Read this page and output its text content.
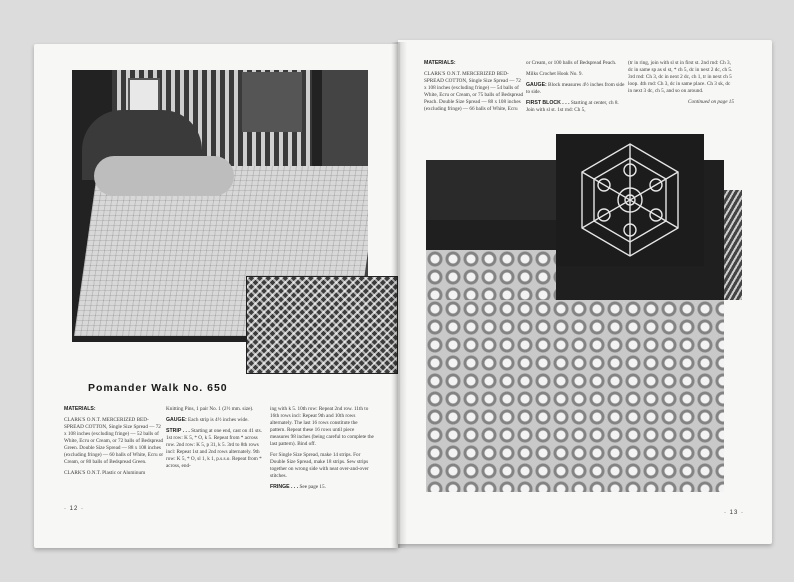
Pomander Walk No. 650

MATERIALS:

CLARK'S O.N.T. MERCERIZED BED-SPREAD COTTON, Single Size Spread — 72 x 108 inches (excluding fringe) — 52 balls of White, Ecru or Cream, or 72 balls of Bedspread Green. Double Size Spread — 88 x 108 inches (excluding fringe) — 60 balls of White, Ecru or Cream, or 80 balls of Bedspread Green.

CLARK'S O.N.T. Plastic or Aluminum

Knitting Pins, 1 pair No. 1 (2½ mm. size).

GAUGE: Each strip is 4½ inches wide.

STRIP . . . Starting at one end, cast on 41 sts. 1st row: K 5, * O, k 5. Repeat from * across row. 2nd row: K 5, p 31, k 5. 3rd to 8th rows incl: Repeat 1st and 2nd rows alternately. 9th row: K 5, * O, sl 1, k 1, p.s.s.o. Repeat from * across, end-

ing with k 5. 10th row: Repeat 2nd row. 11th to 16th rows incl: Repeat 9th and 10th rows alternately. The last 16 rows constitute the pattern. Repeat these 16 rows until piece measures 98 inches (being careful to complete the last pattern). Bind off.

For Single Size Spread, make 14 strips. For Double Size Spread, make 18 strips. Sew strips together on wrong side with neat over-and-over stitches.

FRINGE . . . See page 15.

· 12 ·

MATERIALS:

CLARK'S O.N.T. MERCERIZED BED-SPREAD COTTON, Single Size Spread — 72 x 108 inches (excluding fringe) — 54 balls of White, Ecru or Cream, or 75 balls of Bedspread Peach. Double Size Spread — 88 x 108 inches (excluding fringe) — 66 balls of White, Ecru

or Cream, or 100 balls of Bedspread Peach.

Milks Crochet Hook No. 9.

GAUGE: Block measures 4½ inches from side to side.

FIRST BLOCK . . . Starting at center, ch 8. Join with sl st. 1st rnd: Ch 5,

(tr in ring, join with sl st in first st. 2nd rnd: Ch 3, dc in same sp as sl st, * ch 5, dc in next 2 dc, ch 5. 3rd rnd: Ch 3, dc in next 2 dc, ch 1, tr in next ch 5 loop. 4th rnd: Ch 3, dc in same place. Ch 3 sk, dc in next 3 dc, ch 5, and so on around.

Continued on page 15

· 13 ·
